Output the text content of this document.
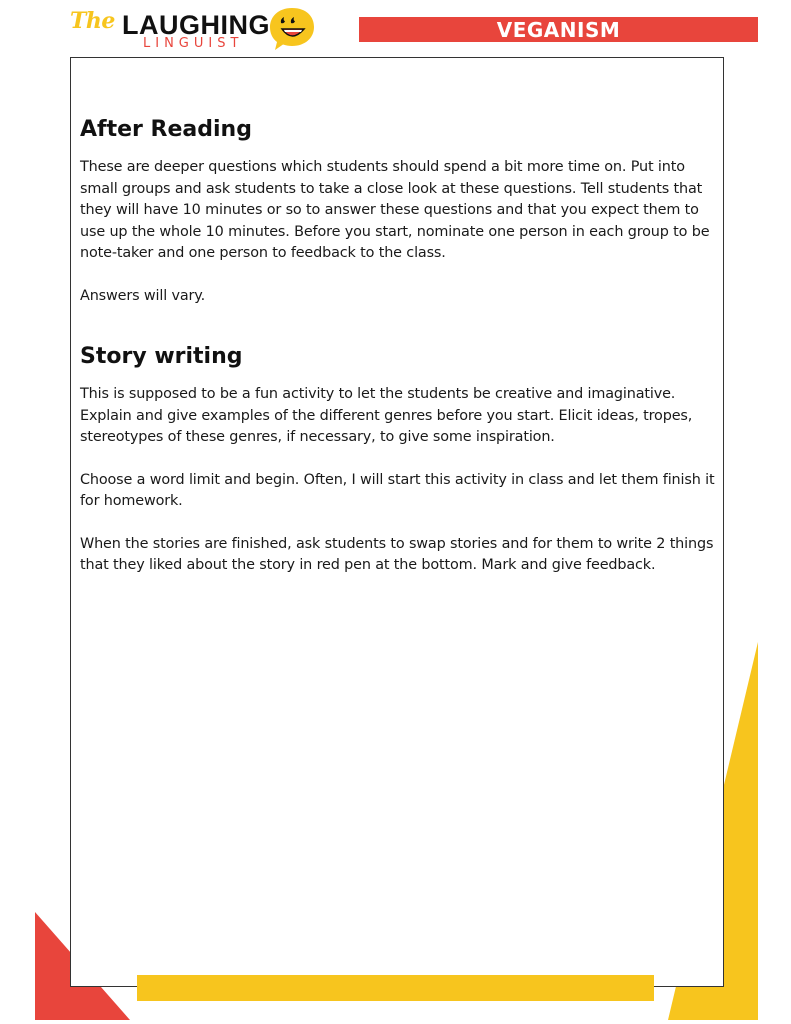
The LAUGHING
LINGUIST
VEGANISM
After Reading

These are deeper questions which students should spend a bit more time on. Put into small groups and ask students to take a close look at these questions. Tell students that they will have 10 minutes or so to answer these questions and that you expect them to use up the whole 10 minutes. Before you start, nominate one person in each group to be note-taker and one person to feedback to the class.

Answers will vary.

Story writing

This is supposed to be a fun activity to let the students be creative and imaginative. Explain and give examples of the different genres before you start. Elicit ideas, tropes, stereotypes of these genres, if necessary, to give some inspiration.

Choose a word limit and begin. Often, I will start this activity in class and let them finish it for homework.

When the stories are finished, ask students to swap stories and for them to write 2 things that they liked about the story in red pen at the bottom. Mark and give feedback.
